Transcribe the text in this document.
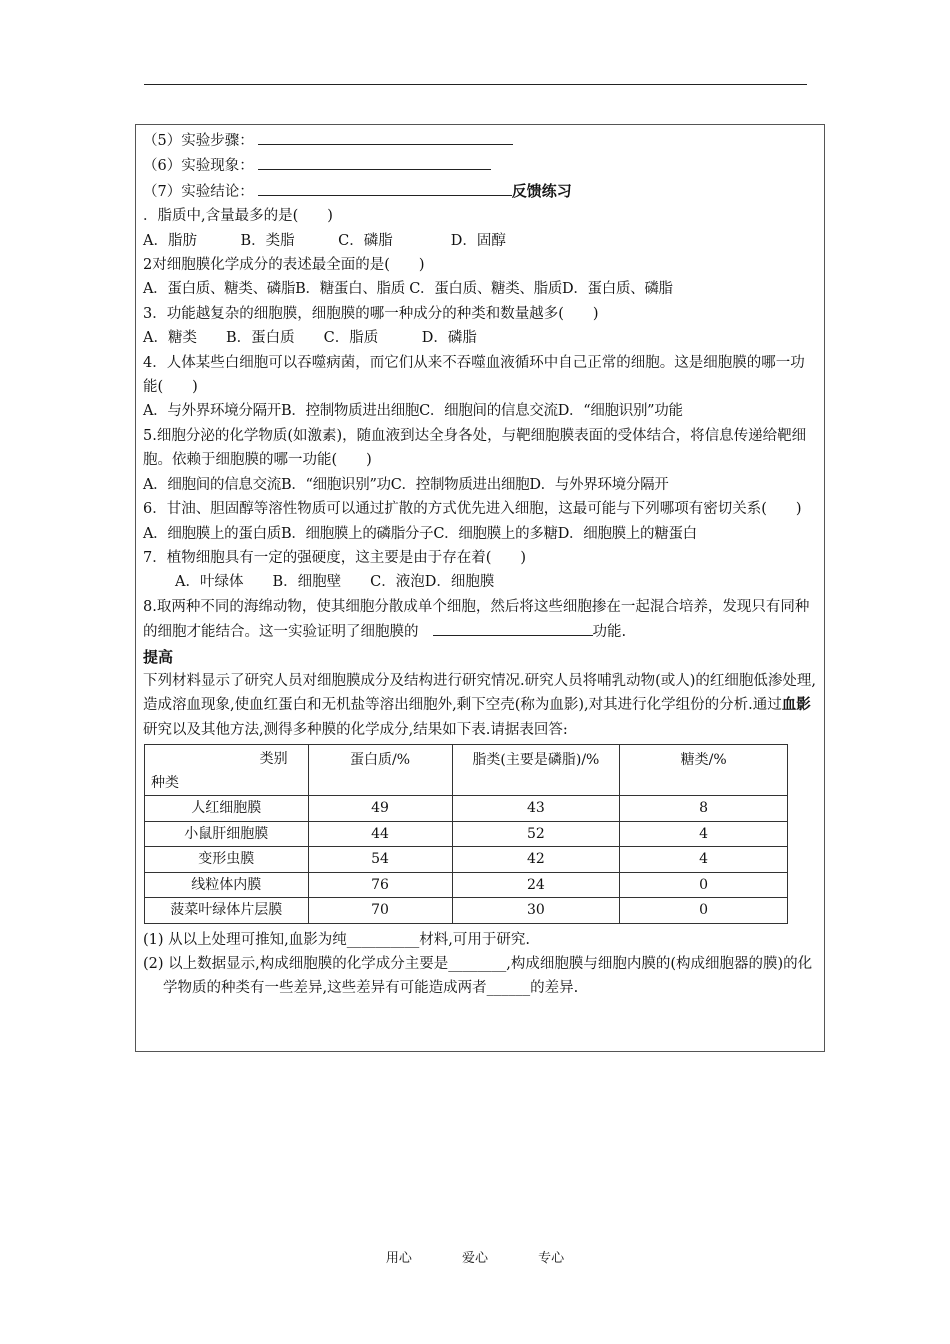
（5）实验步骤：
（6）实验现象：
（7）实验结论：	反馈练习
．脂质中,含量最多的是(　　)
A．脂肪　　　B．类脂　　　C．磷脂　　　　D．固醇
2对细胞膜化学成分的表述最全面的是(　　)
A．蛋白质、糖类、磷脂B．糖蛋白、脂质 C．蛋白质、糖类、脂质D．蛋白质、磷脂
3．功能越复杂的细胞膜，细胞膜的哪一种成分的种类和数量越多(　　)
A．糖类　　B．蛋白质　　C．脂质　　　D．磷脂
4．人体某些白细胞可以吞噬病菌，而它们从来不吞噬血液循环中自己正常的细胞。这是细胞膜的哪一功能(　　)
A．与外界环境分隔开B．控制物质进出细胞C．细胞间的信息交流D．“细胞识别”功能
5.细胞分泌的化学物质(如激素)，随血液到达全身各处，与靶细胞膜表面的受体结合，将信息传递给靶细胞。依赖于细胞膜的哪一功能(　　)
A．细胞间的信息交流B．“细胞识别”功C．控制物质进出细胞D．与外界环境分隔开
6．甘油、胆固醇等溶性物质可以通过扩散的方式优先进入细胞，这最可能与下列哪项有密切关系(　　)
A．细胞膜上的蛋白质B．细胞膜上的磷脂分子C．细胞膜上的多糖D．细胞膜上的糖蛋白
7．植物细胞具有一定的强硬度，这主要是由于存在着(　　)
A．叶绿体　　B．细胞壁　　C．液泡D．细胞膜
8.取两种不同的海绵动物，使其细胞分散成单个细胞，然后将这些细胞掺在一起混合培养，发现只有同种的细胞才能结合。这一实验证明了细胞膜的	功能.
提高
下列材料显示了研究人员对细胞膜成分及结构进行研究情况.研究人员将哺乳动物(或人)的红细胞低渗处理,造成溶血现象,使血红蛋白和无机盐等溶出细胞外,剩下空壳(称为血影),对其进行化学组份的分析.通过血影研究以及其他方法,测得多种膜的化学成分,结果如下表.请据表回答:
类别
种类	蛋白质/%	脂类(主要是磷脂)/%	糖类/%
人红细胞膜	49	43	8
小鼠肝细胞膜	44	52	4
变形虫膜	54	42	4
线粒体内膜	76	24	0
菠菜叶绿体片层膜	70	30	0
(1) 从以上处理可推知,血影为纯__________材料,可用于研究.
(2) 以上数据显示,构成细胞膜的化学成分主要是________,构成细胞膜与细胞内膜的(构成细胞器的膜)的化学物质的种类有一些差异,这些差异有可能造成两者______的差异.
用心	爱心	专心
